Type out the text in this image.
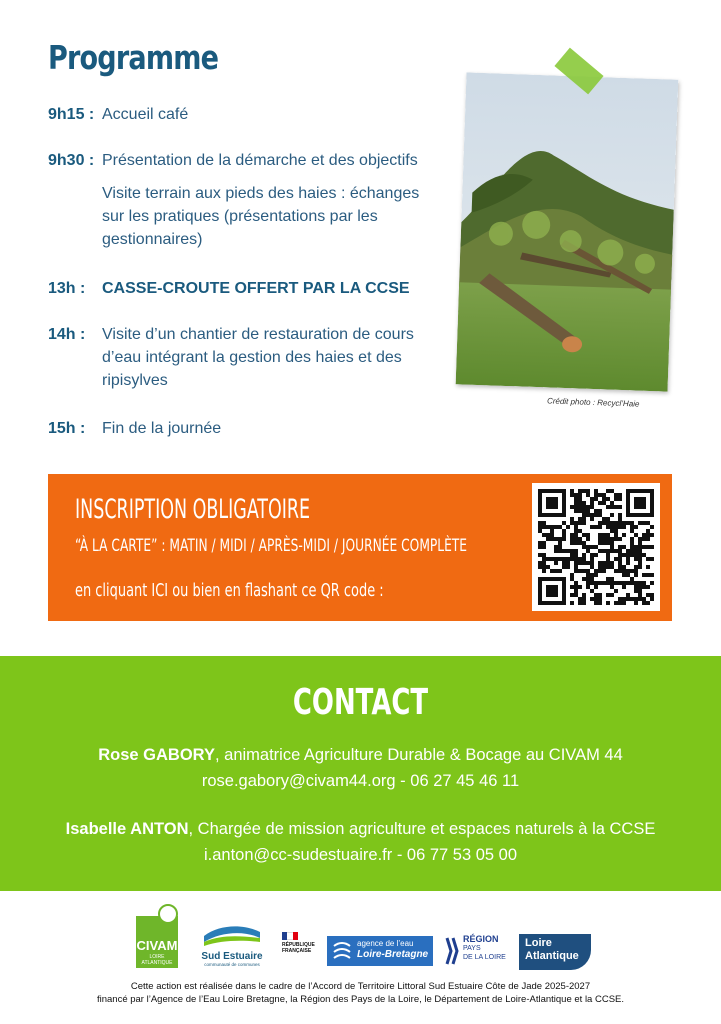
Programme
9h15 : Accueil café
9h30 : Présentation de la démarche et des objectifs
Visite terrain aux pieds des haies : échanges sur les pratiques (présentations par les gestionnaires)
13h : CASSE-CROUTE OFFERT PAR LA CCSE
14h : Visite d’un chantier de restauration de cours d’eau intégrant la gestion des haies et des ripisylves
15h : Fin de la journée
Crédit photo : Recycl’Haie
INSCRIPTION OBLIGATOIRE
“À LA CARTE” : MATIN / MIDI / APRÈS-MIDI / JOURNÉE COMPLÈTE
en cliquant ICI ou bien en flashant ce QR code :
CONTACT
Rose GABORY, animatrice Agriculture Durable & Bocage au CIVAM 44
rose.gabory@civam44.org - 06 27 45 46 11
Isabelle ANTON, Chargée de mission agriculture et espaces naturels à la CCSE
i.anton@cc-sudestuaire.fr - 06 77 53 05 00
CIVAM
LOIRE ATLANTIQUE
Sud Estuaire
communauté de communes
RÉPUBLIQUE FRANÇAISE
agence de l’eau
Loire-Bretagne
RÉGION
PAYS
DE LA LOIRE
Loire
Atlantique
Cette action est réalisée dans le cadre de l’Accord de Territoire Littoral Sud Estuaire Côte de Jade 2025-2027
financé par l’Agence de l’Eau Loire Bretagne, la Région des Pays de la Loire, le Département de Loire-Atlantique et la CCSE.
